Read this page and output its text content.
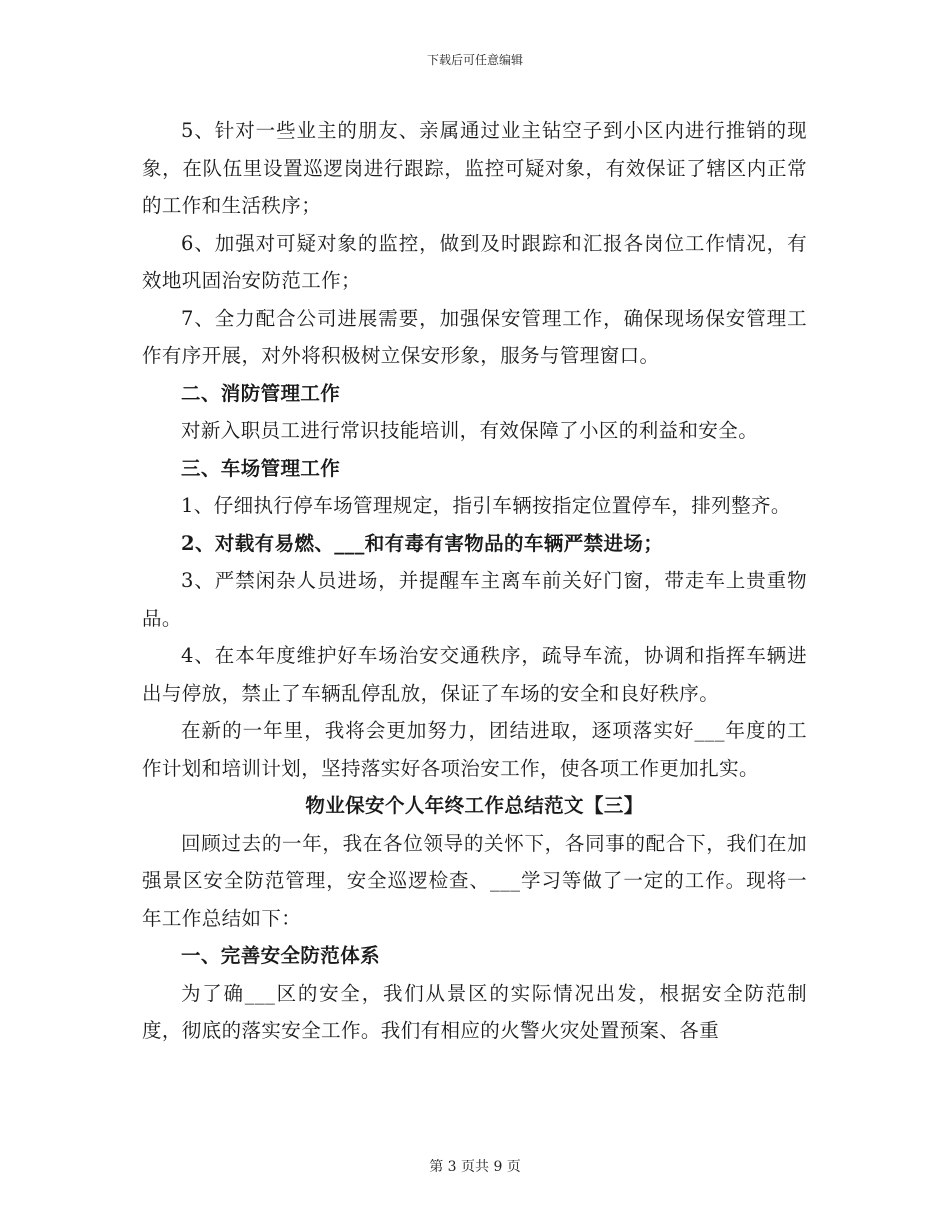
下载后可任意编辑

5、针对一些业主的朋友、亲属通过业主钻空子到小区内进行推销的现象，在队伍里设置巡逻岗进行跟踪，监控可疑对象，有效保证了辖区内正常的工作和生活秩序；

6、加强对可疑对象的监控，做到及时跟踪和汇报各岗位工作情况，有效地巩固治安防范工作；

7、全力配合公司进展需要，加强保安管理工作，确保现场保安管理工作有序开展，对外将积极树立保安形象，服务与管理窗口。

二、消防管理工作

对新入职员工进行常识技能培训，有效保障了小区的利益和安全。

三、车场管理工作

1、仔细执行停车场管理规定，指引车辆按指定位置停车，排列整齐。

2、对载有易燃、___和有毒有害物品的车辆严禁进场；

3、严禁闲杂人员进场，并提醒车主离车前关好门窗，带走车上贵重物品。

4、在本年度维护好车场治安交通秩序，疏导车流，协调和指挥车辆进出与停放，禁止了车辆乱停乱放，保证了车场的安全和良好秩序。

在新的一年里，我将会更加努力，团结进取，逐项落实好___年度的工作计划和培训计划，坚持落实好各项治安工作，使各项工作更加扎实。

物业保安个人年终工作总结范文【三】

回顾过去的一年，我在各位领导的关怀下，各同事的配合下，我们在加强景区安全防范管理，安全巡逻检查、___学习等做了一定的工作。现将一年工作总结如下：

一、完善安全防范体系

为了确___区的安全，我们从景区的实际情况出发，根据安全防范制度，彻底的落实安全工作。我们有相应的火警火灾处置预案、各重

第 3 页共 9 页
